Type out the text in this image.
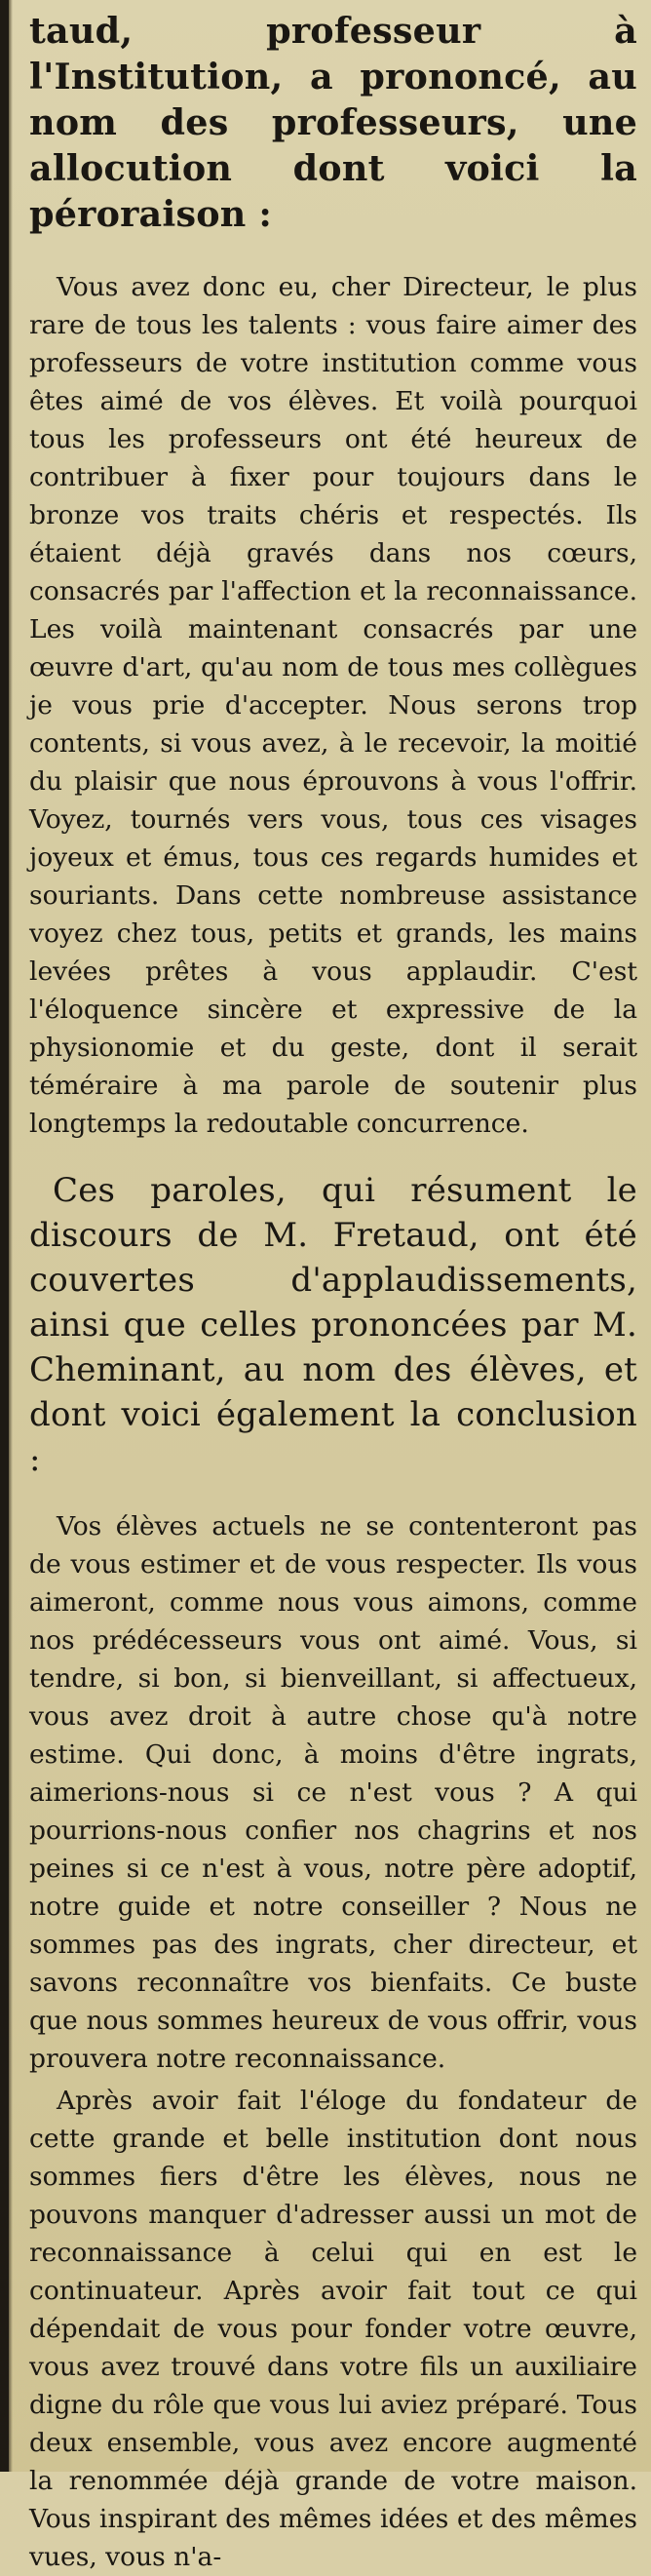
taud, professeur à l'Institution, a prononcé, au nom des professeurs, une allocution dont voici la péroraison :

Vous avez donc eu, cher Directeur, le plus rare de tous les talents : vous faire aimer des professeurs de votre institution comme vous êtes aimé de vos élèves. Et voilà pourquoi tous les professeurs ont été heureux de contribuer à fixer pour toujours dans le bronze vos traits chéris et respectés. Ils étaient déjà gravés dans nos cœurs, consacrés par l'affection et la reconnaissance. Les voilà maintenant consacrés par une œuvre d'art, qu'au nom de tous mes collègues je vous prie d'accepter. Nous serons trop contents, si vous avez, à le recevoir, la moitié du plaisir que nous éprouvons à vous l'offrir. Voyez, tournés vers vous, tous ces visages joyeux et émus, tous ces regards humides et souriants. Dans cette nombreuse assistance voyez chez tous, petits et grands, les mains levées prêtes à vous applaudir. C'est l'éloquence sincère et expressive de la physionomie et du geste, dont il serait téméraire à ma parole de soutenir plus longtemps la redoutable concurrence.

Ces paroles, qui résument le discours de M. Fretaud, ont été couvertes d'applaudissements, ainsi que celles prononcées par M. Cheminant, au nom des élèves, et dont voici également la conclusion :

Vos élèves actuels ne se contenteront pas de vous estimer et de vous respecter. Ils vous aimeront, comme nous vous aimons, comme nos prédécesseurs vous ont aimé. Vous, si tendre, si bon, si bienveillant, si affectueux, vous avez droit à autre chose qu'à notre estime. Qui donc, à moins d'être ingrats, aimerions-nous si ce n'est vous ? A qui pourrions-nous confier nos chagrins et nos peines si ce n'est à vous, notre père adoptif, notre guide et notre conseiller ? Nous ne sommes pas des ingrats, cher directeur, et savons reconnaître vos bienfaits. Ce buste que nous sommes heureux de vous offrir, vous prouvera notre reconnaissance.

Après avoir fait l'éloge du fondateur de cette grande et belle institution dont nous sommes fiers d'être les élèves, nous ne pouvons manquer d'adresser aussi un mot de reconnaissance à celui qui en est le continuateur. Après avoir fait tout ce qui dépendait de vous pour fonder votre œuvre, vous avez trouvé dans votre fils un auxiliaire digne du rôle que vous lui aviez préparé. Tous deux ensemble, vous avez encore augmenté la renommée déjà grande de votre maison. Vous inspirant des mêmes idées et des mêmes vues, vous n'a-
